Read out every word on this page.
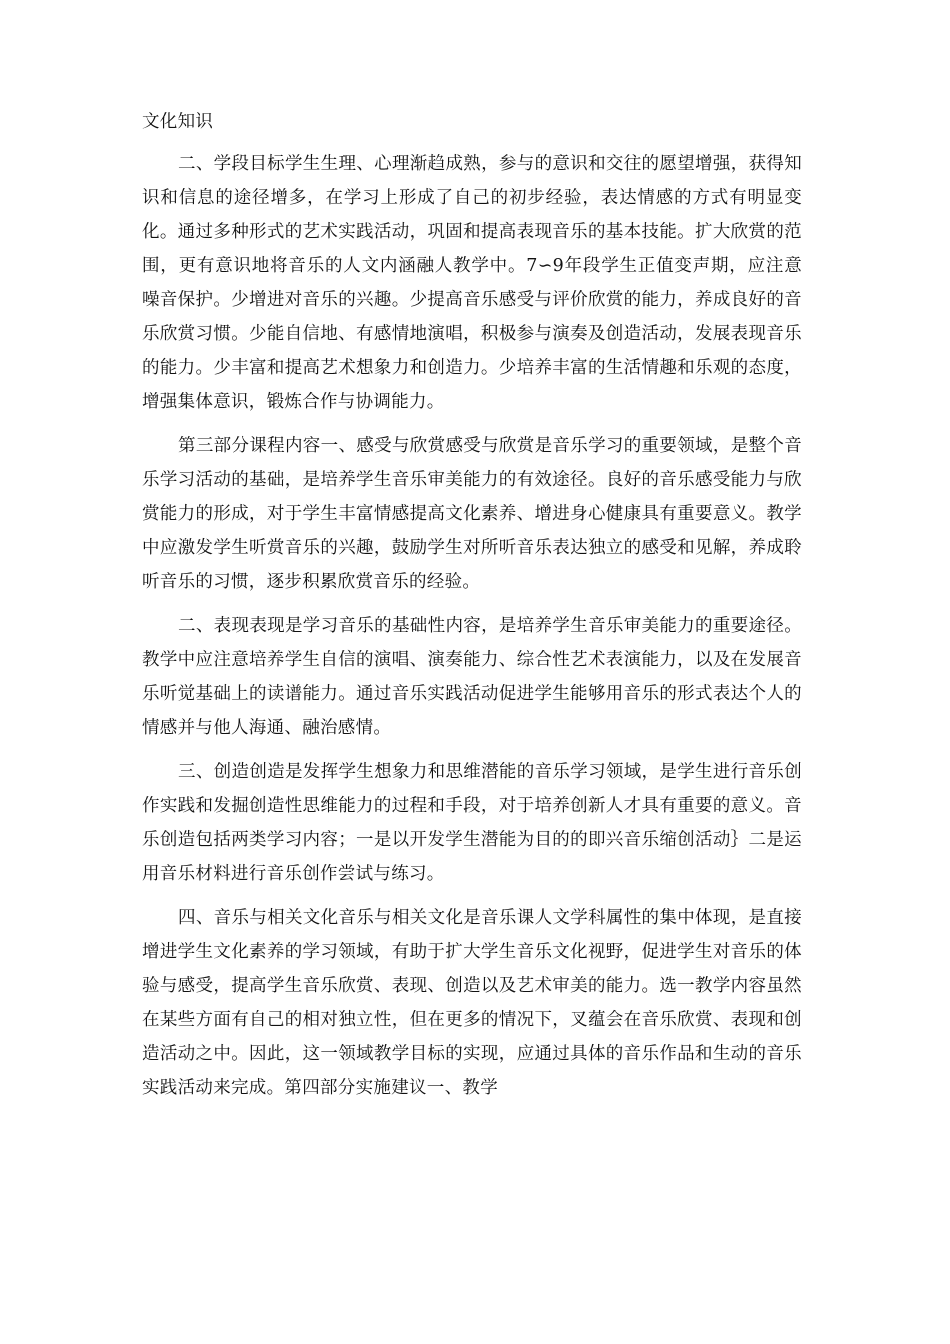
文化知识

二、学段目标学生生理、心理渐趋成熟，参与的意识和交往的愿望增强，获得知识和信息的途径增多，在学习上形成了自己的初步经验，表达情感的方式有明显变化。通过多种形式的艺术实践活动，巩固和提高表现音乐的基本技能。扩大欣赏的范围，更有意识地将音乐的人文内涵融人教学中。7∽9年段学生正值变声期，应注意噪音保护。少增进对音乐的兴趣。少提高音乐感受与评价欣赏的能力，养成良好的音乐欣赏习惯。少能自信地、有感情地演唱，积极参与演奏及创造活动，发展表现音乐的能力。少丰富和提高艺术想象力和创造力。少培养丰富的生活情趣和乐观的态度，增强集体意识，锻炼合作与协调能力。

第三部分课程内容一、感受与欣赏感受与欣赏是音乐学习的重要领域，是整个音乐学习活动的基础，是培养学生音乐审美能力的有效途径。良好的音乐感受能力与欣赏能力的形成，对于学生丰富情感提高文化素养、增进身心健康具有重要意义。教学中应激发学生听赏音乐的兴趣，鼓励学生对所听音乐表达独立的感受和见解，养成聆听音乐的习惯，逐步积累欣赏音乐的经验。

二、表现表现是学习音乐的基础性内容，是培养学生音乐审美能力的重要途径。教学中应注意培养学生自信的演唱、演奏能力、综合性艺术表演能力，以及在发展音乐听觉基础上的读谱能力。通过音乐实践活动促进学生能够用音乐的形式表达个人的情感并与他人海通、融治感情。

三、创造创造是发挥学生想象力和思维潜能的音乐学习领域，是学生进行音乐创作实践和发掘创造性思维能力的过程和手段，对于培养创新人才具有重要的意义。音乐创造包括两类学习内容；一是以开发学生潜能为目的的即兴音乐缩创活动｝二是运用音乐材料进行音乐创作尝试与练习。

四、音乐与相关文化音乐与相关文化是音乐课人文学科属性的集中体现，是直接增进学生文化素养的学习领域，有助于扩大学生音乐文化视野，促进学生对音乐的体验与感受，提高学生音乐欣赏、表现、创造以及艺术审美的能力。选一教学内容虽然在某些方面有自己的相对独立性，但在更多的情况下，叉蕴会在音乐欣赏、表现和创造活动之中。因此，这一领域教学目标的实现，应通过具体的音乐作品和生动的音乐实践活动来完成。第四部分实施建议一、教学
